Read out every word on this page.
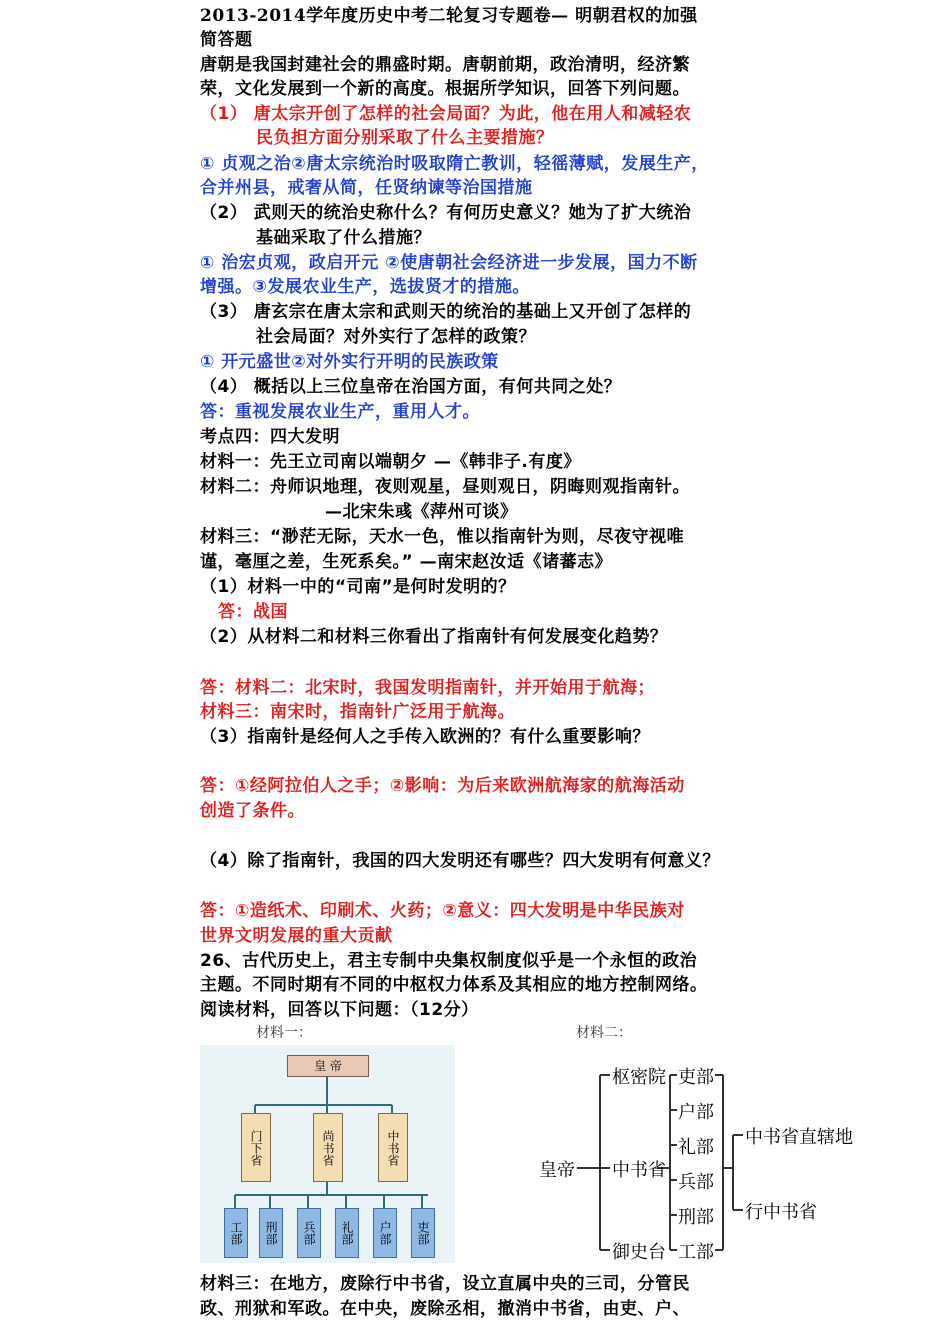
2013-2014学年度历史中考二轮复习专题卷— 明朝君权的加强
简答题
唐朝是我国封建社会的鼎盛时期。唐朝前期，政治清明，经济繁
荣，文化发展到一个新的高度。根据所学知识，回答下列问题。
（1） 唐太宗开创了怎样的社会局面？为此，他在用人和减轻农
民负担方面分别采取了什么主要措施？
① 贞观之治②唐太宗统治时吸取隋亡教训，轻徭薄赋，发展生产，
合并州县，戒奢从简，任贤纳谏等治国措施
（2） 武则天的统治史称什么？有何历史意义？她为了扩大统治
基础采取了什么措施？
① 治宏贞观，政启开元 ②使唐朝社会经济进一步发展，国力不断
增强。③发展农业生产，选拔贤才的措施。
（3） 唐玄宗在唐太宗和武则天的统治的基础上又开创了怎样的
社会局面？对外实行了怎样的政策？
① 开元盛世②对外实行开明的民族政策
（4） 概括以上三位皇帝在治国方面，有何共同之处？
答：重视发展农业生产，重用人才。
考点四：四大发明
材料一：先王立司南以端朝夕 —《韩非子.有度》
材料二：舟师识地理，夜则观星，昼则观日，阴晦则观指南针。
—北宋朱彧《萍州可谈》
材料三：“渺茫无际，天水一色，惟以指南针为则，尽夜守视唯
谨，毫厘之差，生死系矣。” —南宋赵汝适《诸蕃志》
（1）材料一中的“司南”是何时发明的？
答：战国
（2）从材料二和材料三你看出了指南针有何发展变化趋势？
答：材料二：北宋时，我国发明指南针，并开始用于航海；
材料三：南宋时，指南针广泛用于航海。
（3）指南针是经何人之手传入欧洲的？有什么重要影响？
答：①经阿拉伯人之手；②影响：为后来欧洲航海家的航海活动
创造了条件。
（4）除了指南针，我国的四大发明还有哪些？四大发明有何意义？
答：①造纸术、印刷术、火药；②意义：四大发明是中华民族对
世界文明发展的重大贡献
26、古代历史上，君主专制中央集权制度似乎是一个永恒的政治
主题。不同时期有不同的中枢权力体系及其相应的地方控制网络。
阅读材料，回答以下问题：（12分）
材料三：在地方，废除行中书省，设立直属中央的三司，分管民
政、刑狱和军政。在中央，废除丞相，撤消中书省，由吏、户、
材料一：
皇 帝
门下省	尚书省	中书省
工部	刑部	兵部	礼部	户部	吏部
材料二：
皇帝
枢密院
中书省
御史台
吏部
户部
礼部
兵部
刑部
工部
中书省直辖地
行中书省
